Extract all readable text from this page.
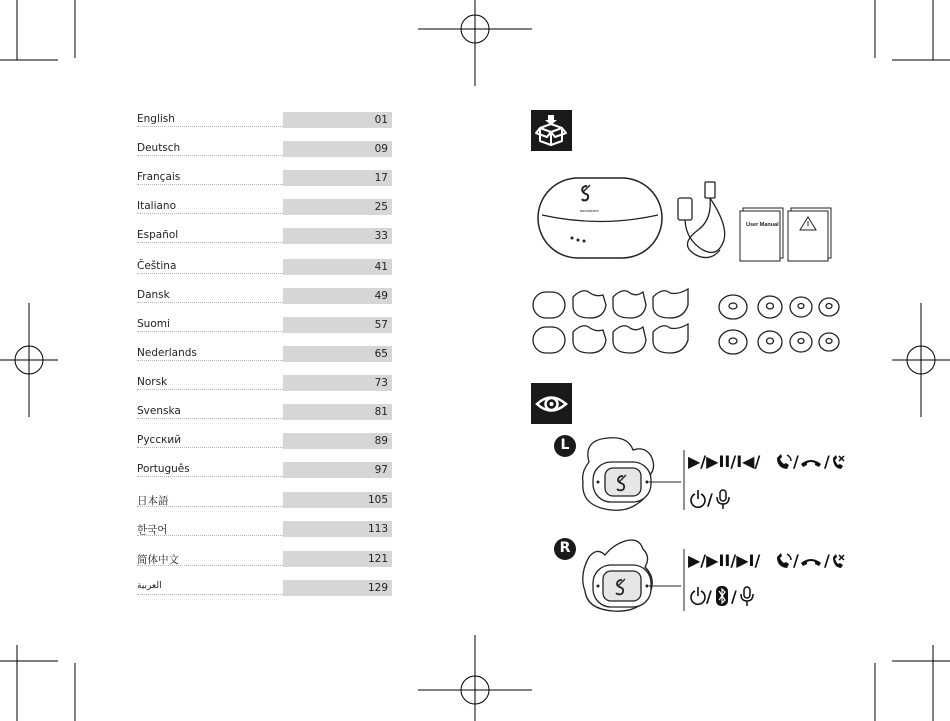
English	01
Deutsch	09
Français	17
Italiano	25
Español	33
Čeština	41
Dansk	49
Suomi	57
Nederlands	65
Norsk	73
Svenska	81
Русский	89
Português	97
日本語	105
한국어	113
简体中文	121
العربية	129
soundcore
User Manual
L
▶/▶II/I◀/ / /
/
R
▶/▶II/▶I/ / /
/ /
